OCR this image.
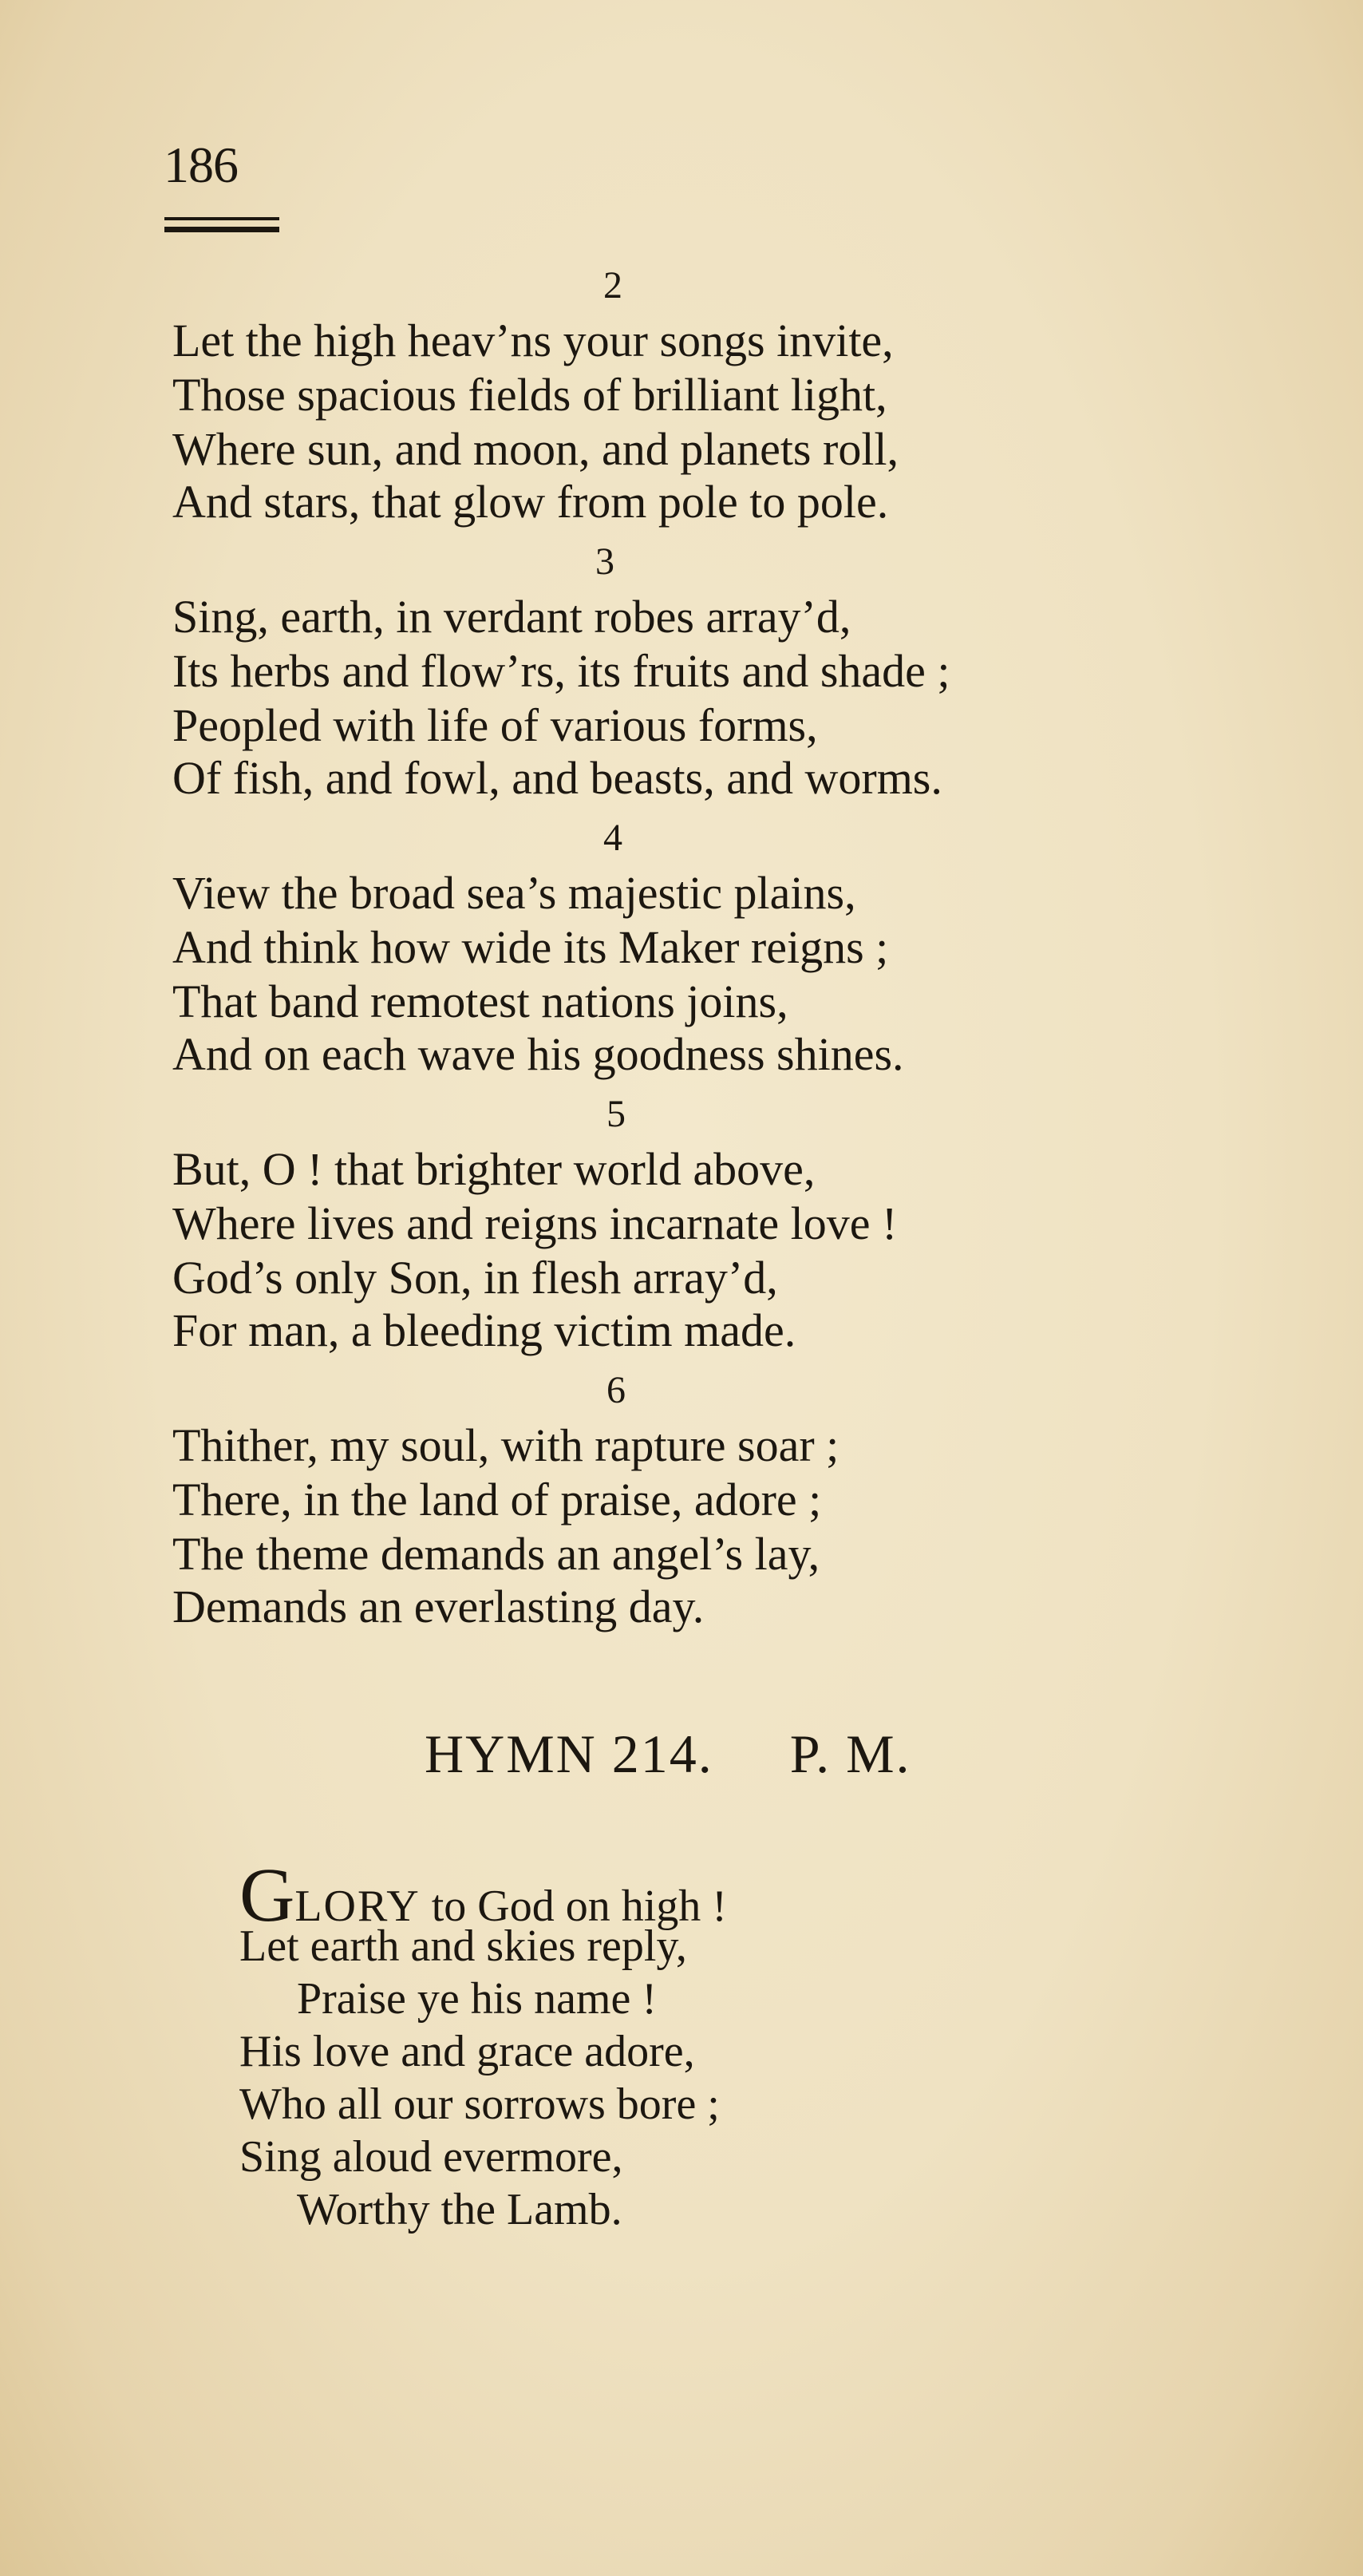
186
2
Let the high heav’ns your songs invite,
Those spacious fields of brilliant light,
Where sun, and moon, and planets roll,
And stars, that glow from pole to pole.
3
Sing, earth, in verdant robes array’d,
Its herbs and flow’rs, its fruits and shade ;
Peopled with life of various forms,
Of fish, and fowl, and beasts, and worms.
4
View the broad sea’s majestic plains,
And think how wide its Maker reigns ;
That band remotest nations joins,
And on each wave his goodness shines.
5
But, O ! that brighter world above,
Where lives and reigns incarnate love !
God’s only Son, in flesh array’d,
For man, a bleeding victim made.
6
Thither, my soul, with rapture soar ;
There, in the land of praise, adore ;
The theme demands an angel’s lay,
Demands an everlasting day.
HYMN 214. P. M.
GLORY to God on high !
Let earth and skies reply,
Praise ye his name !
His love and grace adore,
Who all our sorrows bore ;
Sing aloud evermore,
Worthy the Lamb.
